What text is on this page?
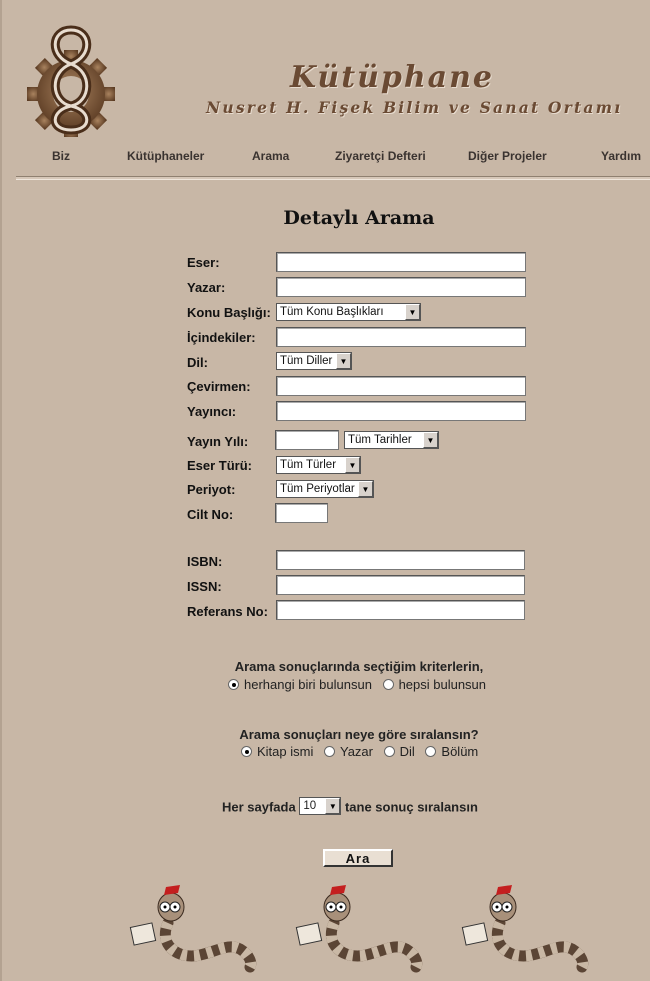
Kütüphane
Nusret H. Fişek Bilim ve Sanat Ortamı
Biz	Kütüphaneler	Arama	Ziyaretçi Defteri	Diğer Projeler	Yardım
Detaylı Arama
Eser:
Yazar:
Konu Başlığı: Tüm Konu Başlıkları	▼
İçindekiler:
Dil:	Tüm Diller ▼
Çevirmen:
Yayıncı:
Yayın Yılı:	Tüm Tarihler	▼
Eser Türü: Tüm Türler	▼
Periyot:	Tüm Periyotlar ▼
Cilt No:
ISBN:
ISSN:
Referans No:
Arama sonuçlarında seçtiğim kriterlerin,
herhangi biri bulunsun hepsi bulunsun
Arama sonuçları neye göre sıralansın?
Kitap ismi Yazar Dil Bölüm
Her sayfada 10	▼ tane sonuç sıralansın
Ara
